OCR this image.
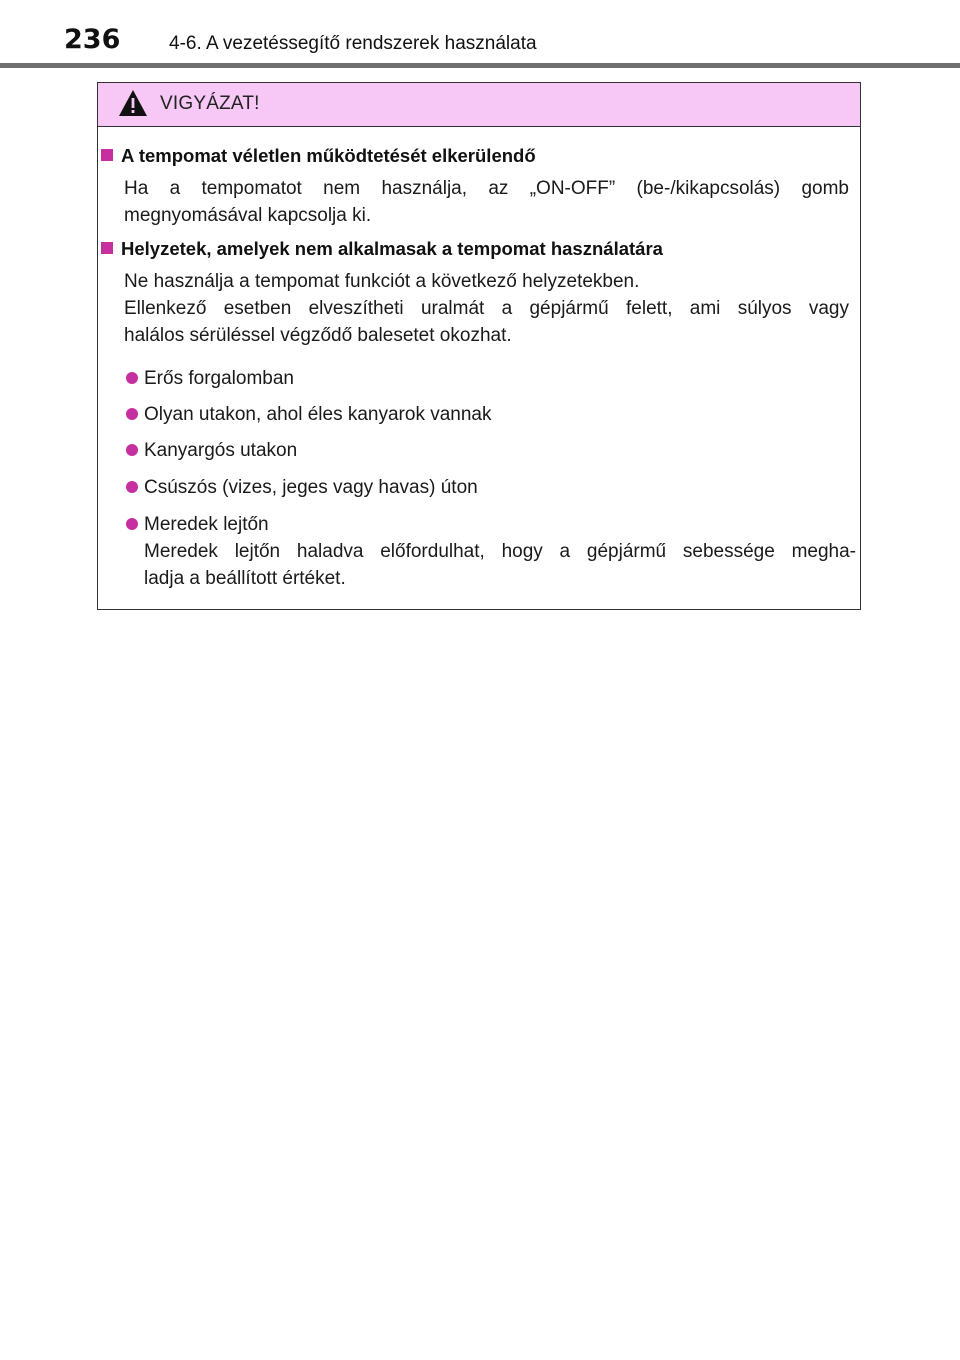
236	4-6. A vezetéssegítő rendszerek használata
VIGYÁZAT!
A tempomat véletlen működtetését elkerülendő
Ha a tempomatot nem használja, az „ON-OFF” (be-/kikapcsolás) gomb
megnyomásával kapcsolja ki.
Helyzetek, amelyek nem alkalmasak a tempomat használatára
Ne használja a tempomat funkciót a következő helyzetekben.
Ellenkező esetben elveszítheti uralmát a gépjármű felett, ami súlyos vagy
halálos sérüléssel végződő balesetet okozhat.
Erős forgalomban
Olyan utakon, ahol éles kanyarok vannak
Kanyargós utakon
Csúszós (vizes, jeges vagy havas) úton
Meredek lejtőn
Meredek lejtőn haladva előfordulhat, hogy a gépjármű sebessége megha-
ladja a beállított értéket.
